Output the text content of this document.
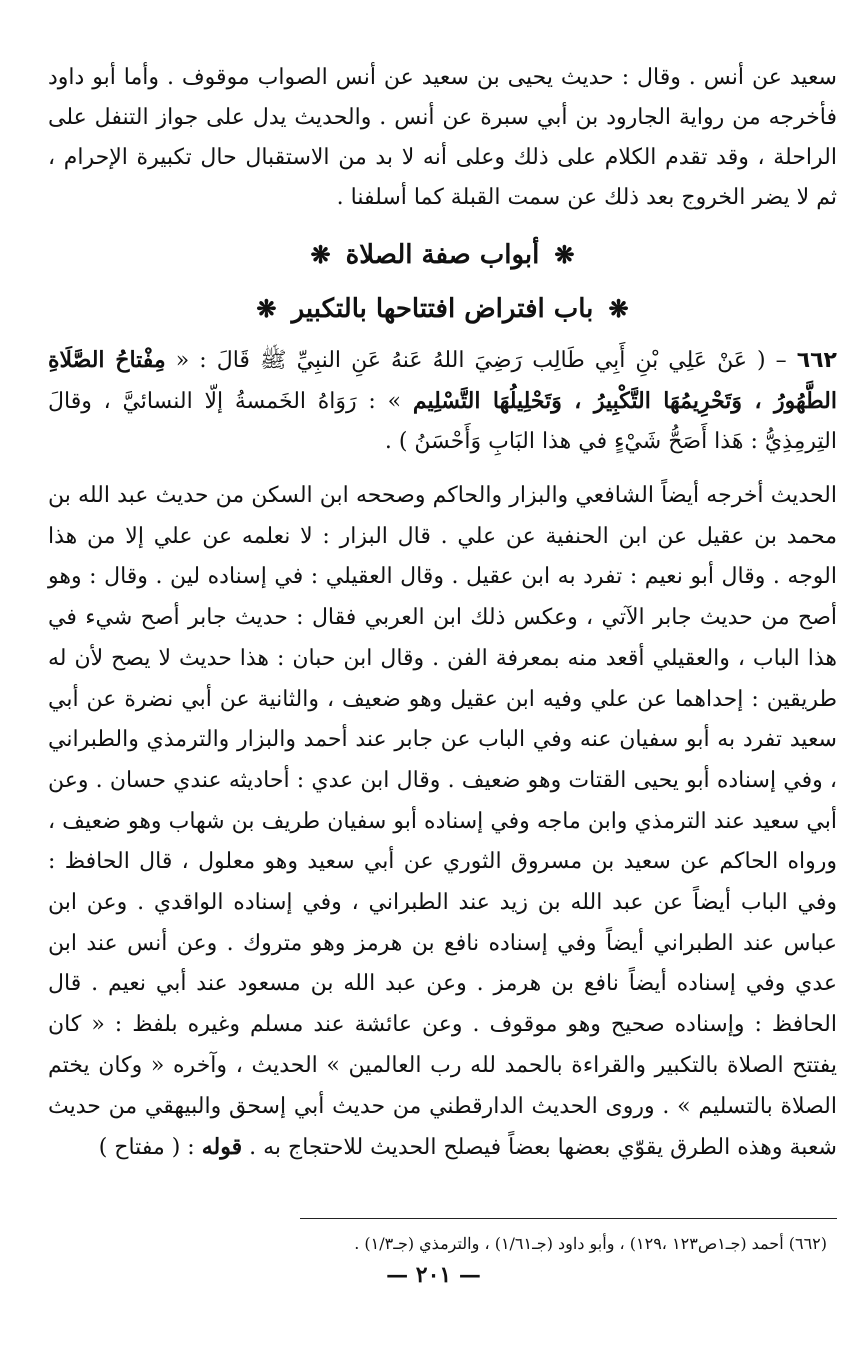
سعيد عن أنس . وقال : حديث يحيى بن سعيد عن أنس الصواب موقوف . وأما أبو داود فأخرجه من رواية الجارود بن أبي سبرة عن أنس . والحديث يدل على جواز التنفل على الراحلة ، وقد تقدم الكلام على ذلك وعلى أنه لا بد من الاستقبال حال تكبيرة الإحرام ، ثم لا يضر الخروج بعد ذلك عن سمت القبلة كما أسلفنا .

❋ أبواب صفة الصلاة ❋
❋ باب افتراض افتتاحها بالتكبير ❋

٦٦٢ – ( عَنْ عَلِي بْنِ أَبِي طَالِب رَضِيَ اللهُ عَنهُ عَنِ النبِيِّ ﷺ قَالَ : « مِفْتاحُ الصَّلَاةِ الطَّهُورُ ، وَتَحْرِيمُهَا التَّكْبِيرُ ، وَتَحْلِيلُهَا التَّسْلِيم » : رَوَاهُ الخَمسةُ إلّا النسائيَّ ، وقالَ التِرمِذِيُّ : هَذا أَصَحُّ شَيْءٍ في هذا البَابِ وَأَحْسَنُ ) .

الحديث أخرجه أيضاً الشافعي والبزار والحاكم وصححه ابن السكن من حديث عبد الله بن محمد بن عقيل عن ابن الحنفية عن علي . قال البزار : لا نعلمه عن علي إلا من هذا الوجه . وقال أبو نعيم : تفرد به ابن عقيل . وقال العقيلي : في إسناده لين . وقال : وهو أصح من حديث جابر الآتي ، وعكس ذلك ابن العربي فقال : حديث جابر أصح شيء في هذا الباب ، والعقيلي أقعد منه بمعرفة الفن . وقال ابن حبان : هذا حديث لا يصح لأن له طريقين : إحداهما عن علي وفيه ابن عقيل وهو ضعيف ، والثانية عن أبي نضرة عن أبي سعيد تفرد به أبو سفيان عنه وفي الباب عن جابر عند أحمد والبزار والترمذي والطبراني ، وفي إسناده أبو يحيى القتات وهو ضعيف . وقال ابن عدي : أحاديثه عندي حسان . وعن أبي سعيد عند الترمذي وابن ماجه وفي إسناده أبو سفيان طريف بن شهاب وهو ضعيف ، ورواه الحاكم عن سعيد بن مسروق الثوري عن أبي سعيد وهو معلول ، قال الحافظ : وفي الباب أيضاً عن عبد الله بن زيد عند الطبراني ، وفي إسناده الواقدي . وعن ابن عباس عند الطبراني أيضاً وفي إسناده نافع بن هرمز وهو متروك . وعن أنس عند ابن عدي وفي إسناده أيضاً نافع بن هرمز . وعن عبد الله بن مسعود عند أبي نعيم . قال الحافظ : وإسناده صحيح وهو موقوف . وعن عائشة عند مسلم وغيره بلفظ : « كان يفتتح الصلاة بالتكبير والقراءة بالحمد لله رب العالمين » الحديث ، وآخره « وكان يختم الصلاة بالتسليم » . وروى الحديث الدارقطني من حديث أبي إسحق والبيهقي من حديث شعبة وهذه الطرق يقوّي بعضها بعضاً فيصلح الحديث للاحتجاج به . قوله : ( مفتاح )

(٦٦٢) أحمد (جـ١ص١٢٣ ،١٢٩) ، وأبو داود (جـ١/٦١) ، والترمذي (جـ١/٣) .
— ٢٠١ —
